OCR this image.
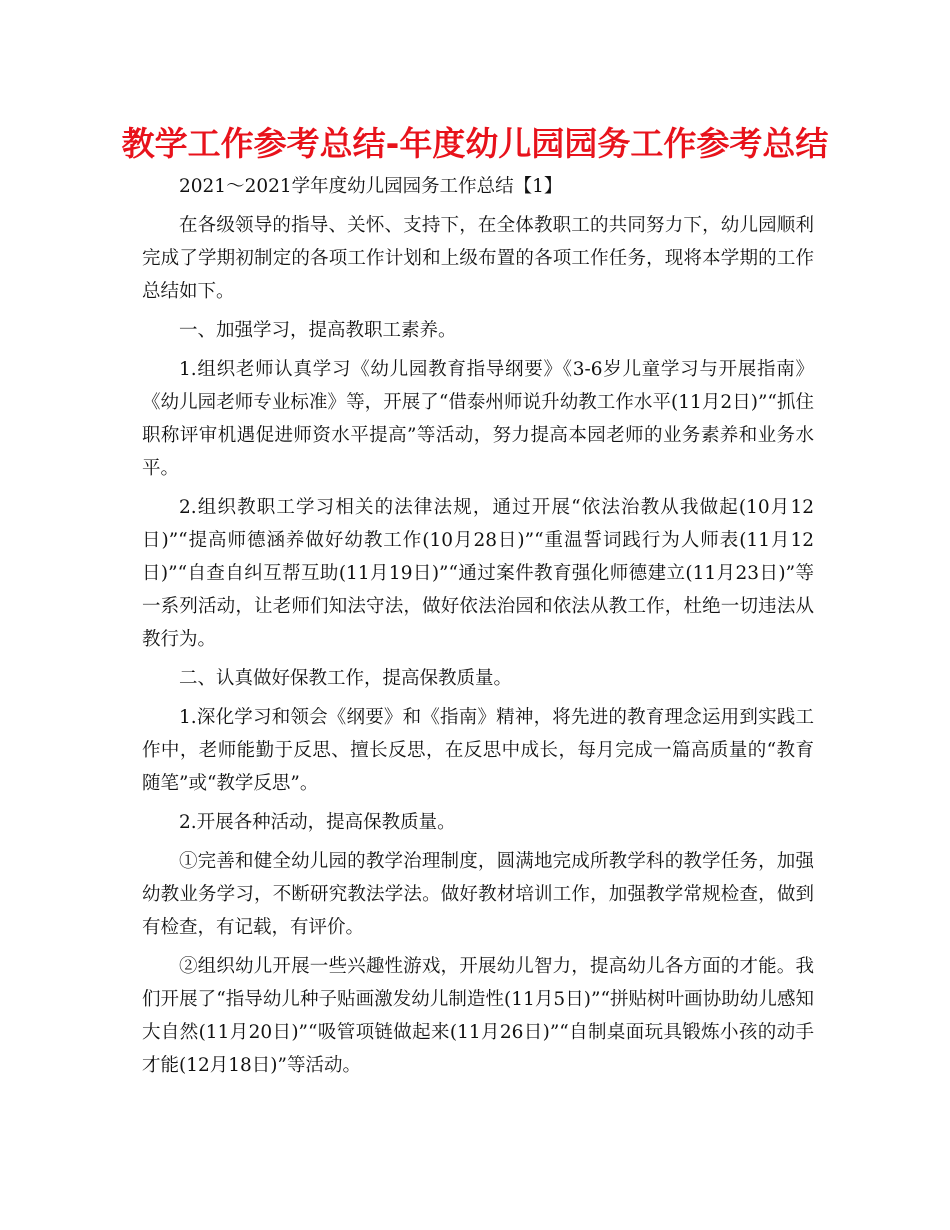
教学工作参考总结-年度幼儿园园务工作参考总结

2021～2021学年度幼儿园园务工作总结【1】

在各级领导的指导、关怀、支持下，在全体教职工的共同努力下，幼儿园顺利完成了学期初制定的各项工作计划和上级布置的各项工作任务，现将本学期的工作总结如下。

一、加强学习，提高教职工素养。

1.组织老师认真学习《幼儿园教育指导纲要》《3-6岁儿童学习与开展指南》《幼儿园老师专业标准》等，开展了“借泰州师说升幼教工作水平(11月2日)”“抓住职称评审机遇促进师资水平提高”等活动，努力提高本园老师的业务素养和业务水平。

2.组织教职工学习相关的法律法规，通过开展“依法治教从我做起(10月12日)”“提高师德涵养做好幼教工作(10月28日)”“重温誓词践行为人师表(11月12日)”“自查自纠互帮互助(11月19日)”“通过案件教育强化师德建立(11月23日)”等一系列活动，让老师们知法守法，做好依法治园和依法从教工作，杜绝一切违法从教行为。

二、认真做好保教工作，提高保教质量。

1.深化学习和领会《纲要》和《指南》精神，将先进的教育理念运用到实践工作中，老师能勤于反思、擅长反思，在反思中成长，每月完成一篇高质量的“教育随笔”或“教学反思”。

2.开展各种活动，提高保教质量。

①完善和健全幼儿园的教学治理制度，圆满地完成所教学科的教学任务，加强幼教业务学习，不断研究教法学法。做好教材培训工作，加强教学常规检查，做到有检查，有记载，有评价。

②组织幼儿开展一些兴趣性游戏，开展幼儿智力，提高幼儿各方面的才能。我们开展了“指导幼儿种子贴画激发幼儿制造性(11月5日)”“拼贴树叶画协助幼儿感知大自然(11月20日)”“吸管项链做起来(11月26日)”“自制桌面玩具锻炼小孩的动手才能(12月18日)”等活动。
